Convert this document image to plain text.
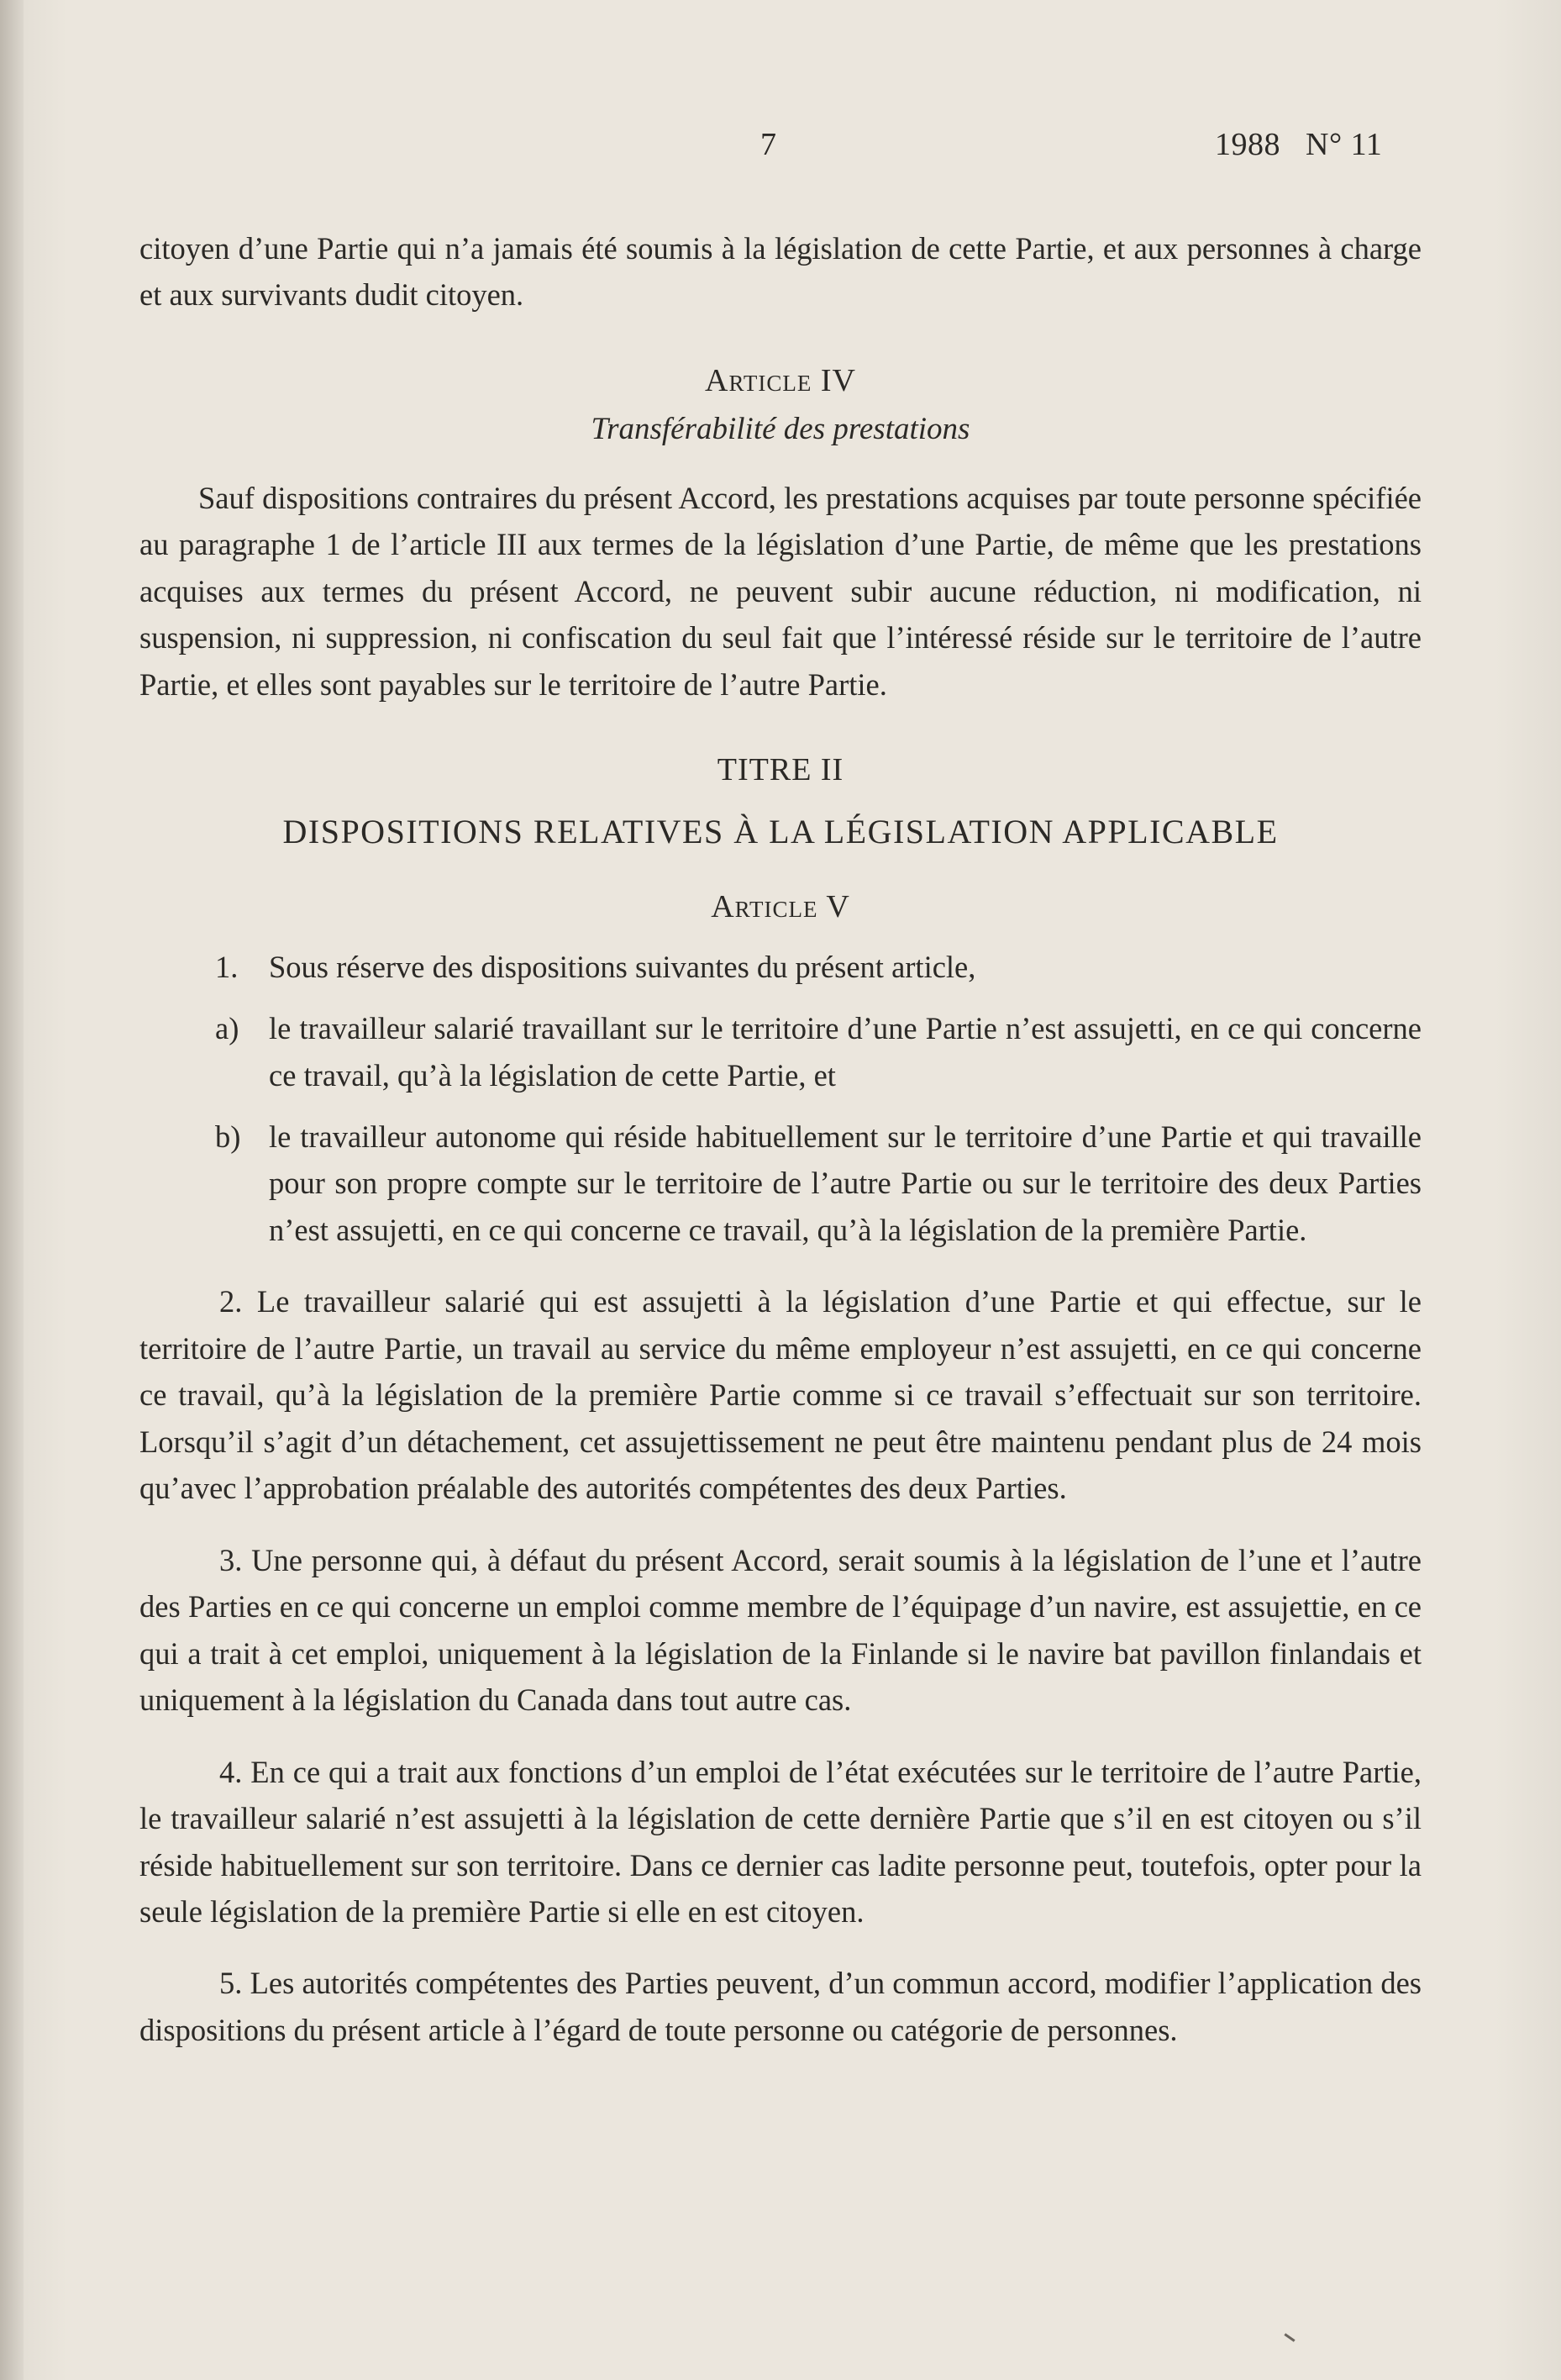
7	1988   N° 11

citoyen d’une Partie qui n’a jamais été soumis à la législation de cette Partie, et aux personnes à charge et aux survivants dudit citoyen.

Article IV

Transférabilité des prestations

Sauf dispositions contraires du présent Accord, les prestations acquises par toute personne spécifiée au paragraphe 1 de l’article III aux termes de la législation d’une Partie, de même que les prestations acquises aux termes du présent Accord, ne peuvent subir aucune réduction, ni modification, ni suspension, ni suppression, ni confiscation du seul fait que l’intéressé réside sur le territoire de l’autre Partie, et elles sont payables sur le territoire de l’autre Partie.

TITRE II

DISPOSITIONS RELATIVES À LA LÉGISLATION APPLICABLE

Article V

1. Sous réserve des dispositions suivantes du présent article,

a) le travailleur salarié travaillant sur le territoire d’une Partie n’est assujetti, en ce qui concerne ce travail, qu’à la législation de cette Partie, et

b) le travailleur autonome qui réside habituellement sur le territoire d’une Partie et qui travaille pour son propre compte sur le territoire de l’autre Partie ou sur le territoire des deux Parties n’est assujetti, en ce qui concerne ce travail, qu’à la législation de la première Partie.

2. Le travailleur salarié qui est assujetti à la législation d’une Partie et qui effectue, sur le territoire de l’autre Partie, un travail au service du même employeur n’est assujetti, en ce qui concerne ce travail, qu’à la législation de la première Partie comme si ce travail s’effectuait sur son territoire. Lorsqu’il s’agit d’un détachement, cet assujettissement ne peut être maintenu pendant plus de 24 mois qu’avec l’approbation préalable des autorités compétentes des deux Parties.

3. Une personne qui, à défaut du présent Accord, serait soumis à la législation de l’une et l’autre des Parties en ce qui concerne un emploi comme membre de l’équipage d’un navire, est assujettie, en ce qui a trait à cet emploi, uniquement à la législation de la Finlande si le navire bat pavillon finlandais et uniquement à la législation du Canada dans tout autre cas.

4. En ce qui a trait aux fonctions d’un emploi de l’état exécutées sur le territoire de l’autre Partie, le travailleur salarié n’est assujetti à la législation de cette dernière Partie que s’il en est citoyen ou s’il réside habituellement sur son territoire. Dans ce dernier cas ladite personne peut, toutefois, opter pour la seule législation de la première Partie si elle en est citoyen.

5. Les autorités compétentes des Parties peuvent, d’un commun accord, modifier l’application des dispositions du présent article à l’égard de toute personne ou catégorie de personnes.
